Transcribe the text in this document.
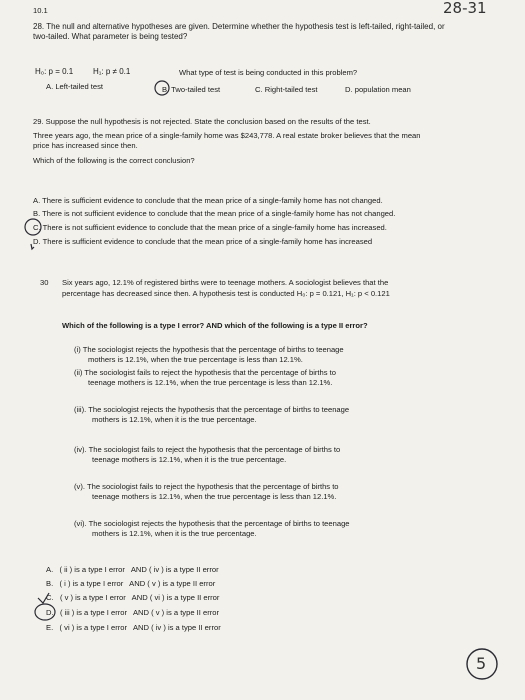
10.1	28-31
28. The null and alternative hypotheses are given. Determine whether the hypothesis test is left-tailed, right-tailed, or
two-tailed. What parameter is being tested?
H₀: p = 0.1 H₁: p ≠ 0.1	What type of test is being conducted in this problem?
A. Left-tailed test	B. Two-tailed test	C. Right-tailed test	D. population mean
29. Suppose the null hypothesis is not rejected. State the conclusion based on the results of the test.
Three years ago, the mean price of a single-family home was $243,778. A real estate broker believes that the mean
price has increased since then.
Which of the following is the correct conclusion?
A. There is sufficient evidence to conclude that the mean price of a single-family home has not changed.
B. There is not sufficient evidence to conclude that the mean price of a single-family home has not changed.
C. There is not sufficient evidence to conclude that the mean price of a single-family home has increased.
D. There is sufficient evidence to conclude that the mean price of a single-family home has increased
30 Six years ago, 12.1% of registered births were to teenage mothers. A sociologist believes that the
percentage has decreased since then. A hypothesis test is conducted H₀: p = 0.121, H₁: p < 0.121
Which of the following is a type I error? AND which of the following is a type II error?
(i) The sociologist rejects the hypothesis that the percentage of births to teenage
mothers is 12.1%, when the true percentage is less than 12.1%.
(ii) The sociologist fails to reject the hypothesis that the percentage of births to
teenage mothers is 12.1%, when the true percentage is less than 12.1%.
(iii). The sociologist rejects the hypothesis that the percentage of births to teenage
mothers is 12.1%, when it is the true percentage.
(iv). The sociologist fails to reject the hypothesis that the percentage of births to
teenage mothers is 12.1%, when it is the true percentage.
(v). The sociologist fails to reject the hypothesis that the percentage of births to
teenage mothers is 12.1%, when the true percentage is less than 12.1%.
(vi). The sociologist rejects the hypothesis that the percentage of births to teenage
mothers is 12.1%, when it is the true percentage.
A. ( ii ) is a type I error   AND ( iv ) is a type II error
B. ( i ) is a type I error   AND ( v ) is a type II error
C. ( v ) is a type I error   AND ( vi ) is a type II error
D. ( iii ) is a type I error   AND ( v ) is a type II error
E. ( vi ) is a type I error   AND ( iv ) is a type II error
5
